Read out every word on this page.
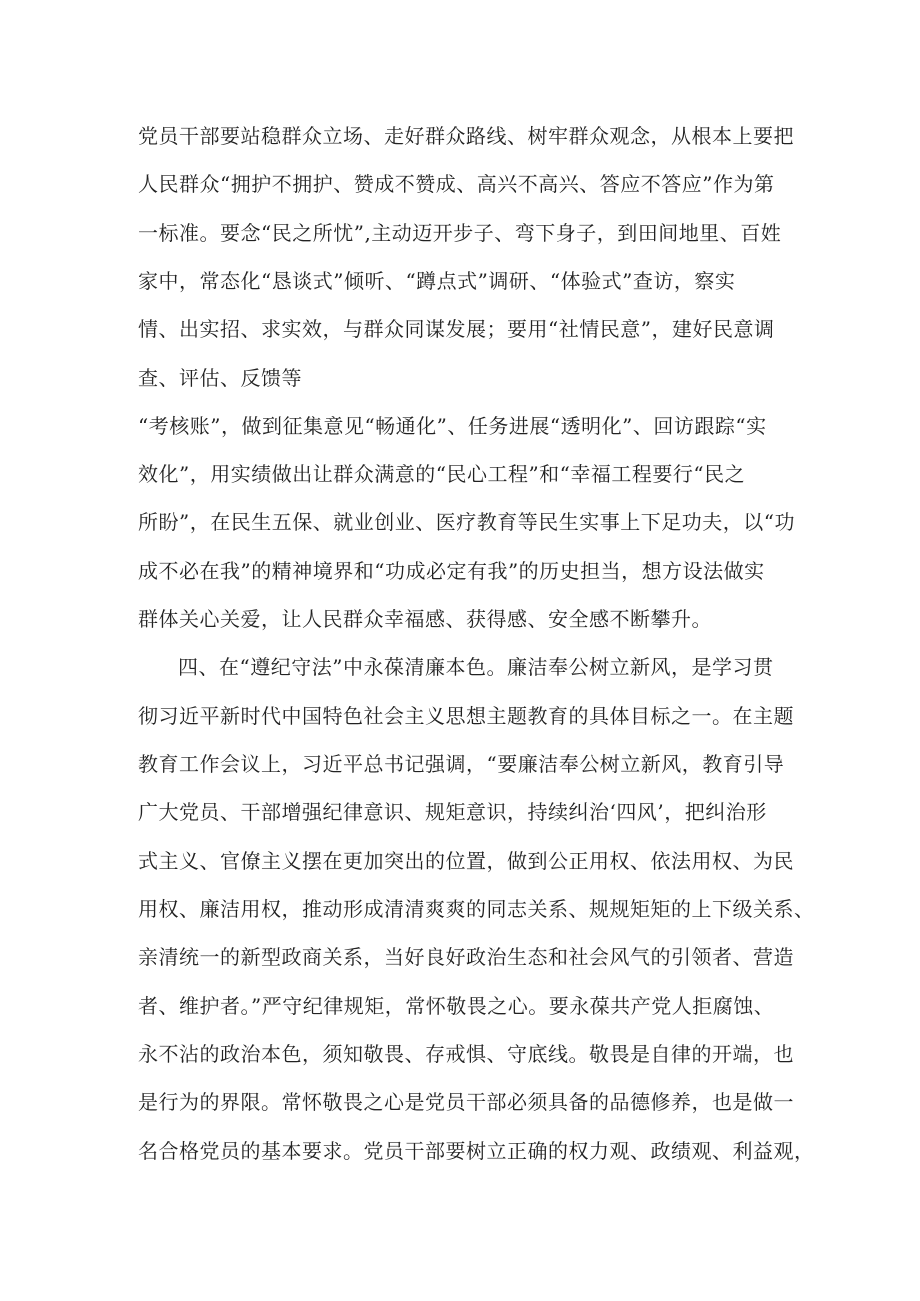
党员干部要站稳群众立场、走好群众路线、树牢群众观念，从根本上要把
人民群众“拥护不拥护、赞成不赞成、高兴不高兴、答应不答应”作为第
一标准。要念“民之所忧”,主动迈开步子、弯下身子，到田间地里、百姓
家中，常态化“恳谈式”倾听、“蹲点式”调研、“体验式”查访，察实
情、出实招、求实效，与群众同谋发展；要用“社情民意”，建好民意调
查、评估、反馈等
“考核账”，做到征集意见“畅通化”、任务进展“透明化”、回访跟踪“实
效化”，用实绩做出让群众满意的“民心工程”和“幸福工程要行“民之
所盼”，在民生五保、就业创业、医疗教育等民生实事上下足功夫，以“功
成不必在我”的精神境界和“功成必定有我”的历史担当，想方设法做实
群体关心关爱，让人民群众幸福感、获得感、安全感不断攀升。
四、在“遵纪守法”中永葆清廉本色。廉洁奉公树立新风，是学习贯
彻习近平新时代中国特色社会主义思想主题教育的具体目标之一。在主题
教育工作会议上，习近平总书记强调，“要廉洁奉公树立新风，教育引导
广大党员、干部增强纪律意识、规矩意识，持续纠治‘四风’，把纠治形
式主义、官僚主义摆在更加突出的位置，做到公正用权、依法用权、为民
用权、廉洁用权，推动形成清清爽爽的同志关系、规规矩矩的上下级关系、
亲清统一的新型政商关系，当好良好政治生态和社会风气的引领者、营造
者、维护者。”严守纪律规矩，常怀敬畏之心。要永葆共产党人拒腐蚀、
永不沾的政治本色，须知敬畏、存戒惧、守底线。敬畏是自律的开端，也
是行为的界限。常怀敬畏之心是党员干部必须具备的品德修养，也是做一
名合格党员的基本要求。党员干部要树立正确的权力观、政绩观、利益观，
